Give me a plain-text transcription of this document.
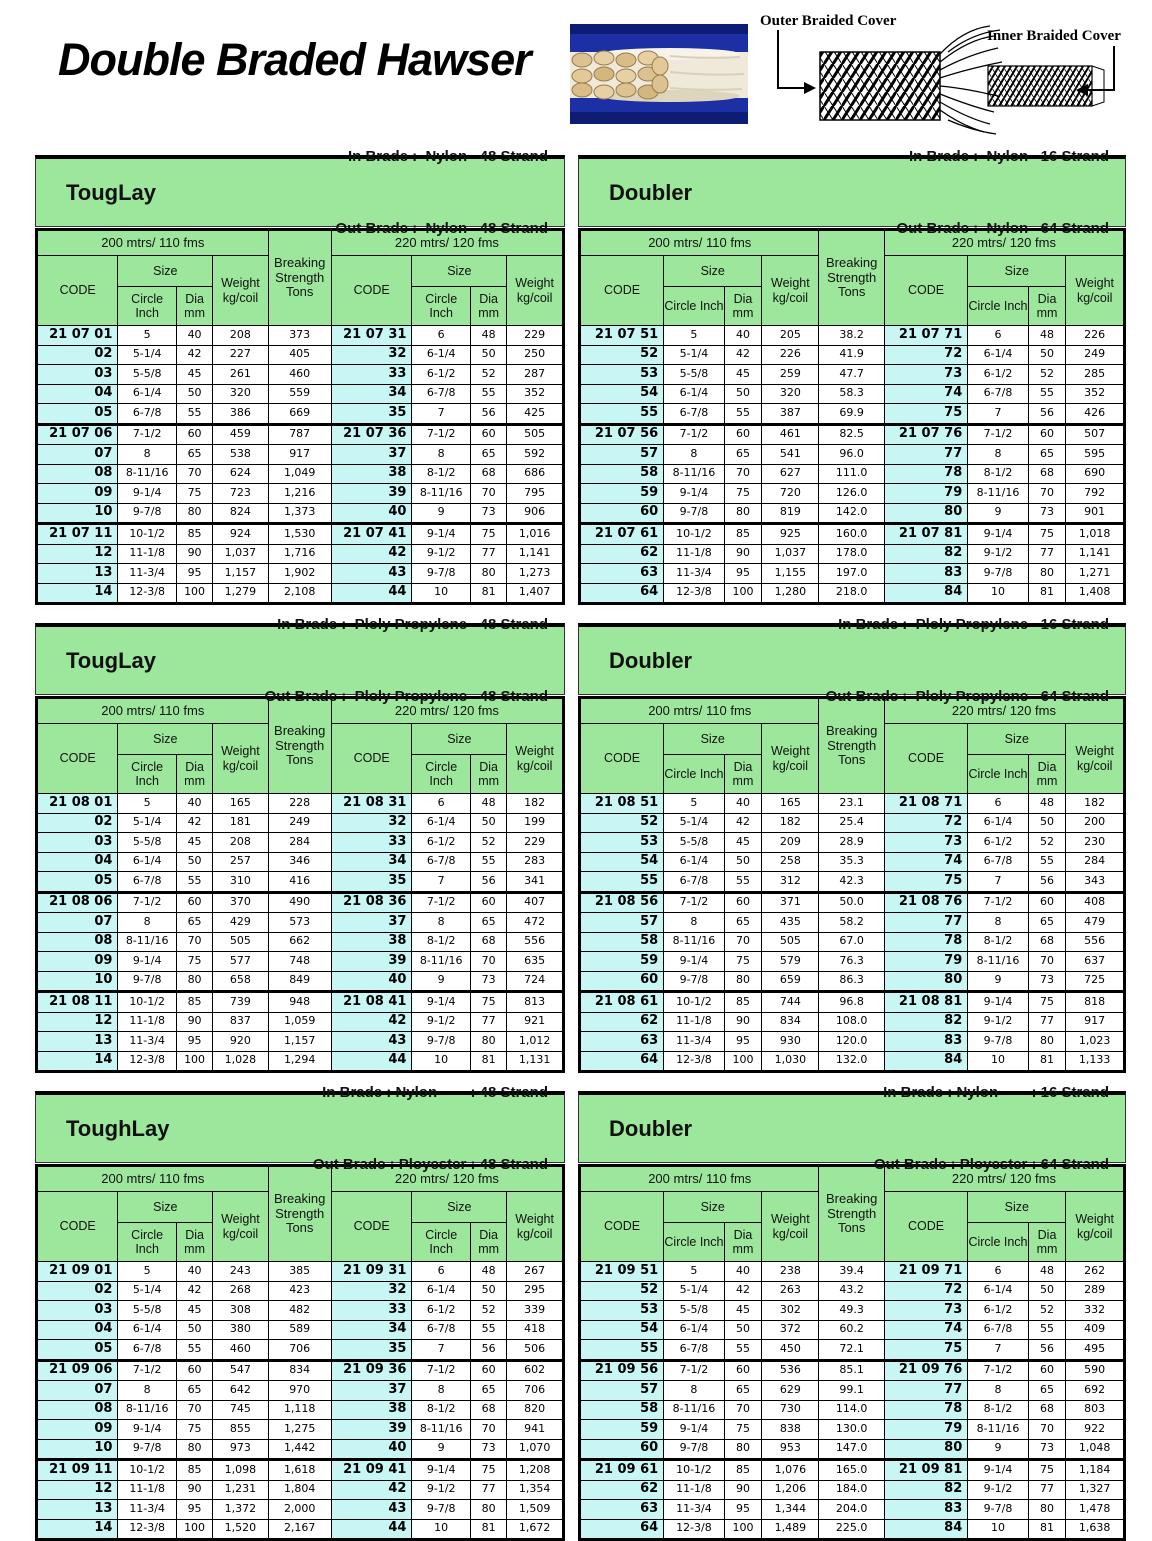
Double Braded Hawser
Outer Braided Cover
Inner Braided Cover
TougLay

In Brade :  Nylon   48 Strand

Out Brade :  Nylon   48 Strand

200 mtrs/ 110 fms				Breaking Strength Tons	220 mtrs/ 120 fms			
CODE	Size		Weight kg/coil		CODE	Size		Weight kg/coil
	Circle Inch	Dia mm				Circle Inch	Dia mm	
21 07 01	5	40	208	373	21 07 31	6	48	229
02	5-1/4	42	227	405	32	6-1/4	50	250
03	5-5/8	45	261	460	33	6-1/2	52	287
04	6-1/4	50	320	559	34	6-7/8	55	352
05	6-7/8	55	386	669	35	7	56	425
21 07 06	7-1/2	60	459	787	21 07 36	7-1/2	60	505
07	8	65	538	917	37	8	65	592
08	8-11/16	70	624	1,049	38	8-1/2	68	686
09	9-1/4	75	723	1,216	39	8-11/16	70	795
10	9-7/8	80	824	1,373	40	9	73	906
21 07 11	10-1/2	85	924	1,530	21 07 41	9-1/4	75	1,016
12	11-1/8	90	1,037	1,716	42	9-1/2	77	1,141
13	11-3/4	95	1,157	1,902	43	9-7/8	80	1,273
14	12-3/8	100	1,279	2,108	44	10	81	1,407
Doubler

In Brade :  Nylon   16 Strand

Out Brade :  Nylon   64 Strand

200 mtrs/ 110 fms				Breaking Strength Tons	220 mtrs/ 120 fms			
CODE	Size		Weight kg/coil		CODE	Size		Weight kg/coil
	Circle Inch	Dia mm				Circle Inch	Dia mm	
21 07 51	5	40	205	38.2	21 07 71	6	48	226
52	5-1/4	42	226	41.9	72	6-1/4	50	249
53	5-5/8	45	259	47.7	73	6-1/2	52	285
54	6-1/4	50	320	58.3	74	6-7/8	55	352
55	6-7/8	55	387	69.9	75	7	56	426
21 07 56	7-1/2	60	461	82.5	21 07 76	7-1/2	60	507
57	8	65	541	96.0	77	8	65	595
58	8-11/16	70	627	111.0	78	8-1/2	68	690
59	9-1/4	75	720	126.0	79	8-11/16	70	792
60	9-7/8	80	819	142.0	80	9	73	901
21 07 61	10-1/2	85	925	160.0	21 07 81	9-1/4	75	1,018
62	11-1/8	90	1,037	178.0	82	9-1/2	77	1,141
63	11-3/4	95	1,155	197.0	83	9-7/8	80	1,271
64	12-3/8	100	1,280	218.0	84	10	81	1,408
TougLay

In Brade :  Ploly Propylene   48 Strand

Out Brade :  Ploly Propylene   48 Strand

200 mtrs/ 110 fms				Breaking Strength Tons	220 mtrs/ 120 fms			
CODE	Size		Weight kg/coil		CODE	Size		Weight kg/coil
	Circle Inch	Dia mm				Circle Inch	Dia mm	
21 08 01	5	40	165	228	21 08 31	6	48	182
02	5-1/4	42	181	249	32	6-1/4	50	199
03	5-5/8	45	208	284	33	6-1/2	52	229
04	6-1/4	50	257	346	34	6-7/8	55	283
05	6-7/8	55	310	416	35	7	56	341
21 08 06	7-1/2	60	370	490	21 08 36	7-1/2	60	407
07	8	65	429	573	37	8	65	472
08	8-11/16	70	505	662	38	8-1/2	68	556
09	9-1/4	75	577	748	39	8-11/16	70	635
10	9-7/8	80	658	849	40	9	73	724
21 08 11	10-1/2	85	739	948	21 08 41	9-1/4	75	813
12	11-1/8	90	837	1,059	42	9-1/2	77	921
13	11-3/4	95	920	1,157	43	9-7/8	80	1,012
14	12-3/8	100	1,028	1,294	44	10	81	1,131
Doubler

In Brade :  Ploly Propylene   16 Strand

Out Brade :  Ploly Propylene   64 Strand

200 mtrs/ 110 fms				Breaking Strength Tons	220 mtrs/ 120 fms			
CODE	Size		Weight kg/coil		CODE	Size		Weight kg/coil
	Circle Inch	Dia mm				Circle Inch	Dia mm	
21 08 51	5	40	165	23.1	21 08 71	6	48	182
52	5-1/4	42	182	25.4	72	6-1/4	50	200
53	5-5/8	45	209	28.9	73	6-1/2	52	230
54	6-1/4	50	258	35.3	74	6-7/8	55	284
55	6-7/8	55	312	42.3	75	7	56	343
21 08 56	7-1/2	60	371	50.0	21 08 76	7-1/2	60	408
57	8	65	435	58.2	77	8	65	479
58	8-11/16	70	505	67.0	78	8-1/2	68	556
59	9-1/4	75	579	76.3	79	8-11/16	70	637
60	9-7/8	80	659	86.3	80	9	73	725
21 08 61	10-1/2	85	744	96.8	21 08 81	9-1/4	75	818
62	11-1/8	90	834	108.0	82	9-1/2	77	917
63	11-3/4	95	930	120.0	83	9-7/8	80	1,023
64	12-3/8	100	1,030	132.0	84	10	81	1,133
ToughLay

In Brade : Nylon        : 48 Strand

Out Brade : Ployester : 48 Strand

200 mtrs/ 110 fms				Breaking Strength Tons	220 mtrs/ 120 fms			
CODE	Size		Weight kg/coil		CODE	Size		Weight kg/coil
	Circle Inch	Dia mm				Circle Inch	Dia mm	
21 09 01	5	40	243	385	21 09 31	6	48	267
02	5-1/4	42	268	423	32	6-1/4	50	295
03	5-5/8	45	308	482	33	6-1/2	52	339
04	6-1/4	50	380	589	34	6-7/8	55	418
05	6-7/8	55	460	706	35	7	56	506
21 09 06	7-1/2	60	547	834	21 09 36	7-1/2	60	602
07	8	65	642	970	37	8	65	706
08	8-11/16	70	745	1,118	38	8-1/2	68	820
09	9-1/4	75	855	1,275	39	8-11/16	70	941
10	9-7/8	80	973	1,442	40	9	73	1,070
21 09 11	10-1/2	85	1,098	1,618	21 09 41	9-1/4	75	1,208
12	11-1/8	90	1,231	1,804	42	9-1/2	77	1,354
13	11-3/4	95	1,372	2,000	43	9-7/8	80	1,509
14	12-3/8	100	1,520	2,167	44	10	81	1,672
Doubler

In Brade : Nylon        : 16 Strand

Out Brade : Ployester : 64 Strand

200 mtrs/ 110 fms				Breaking Strength Tons	220 mtrs/ 120 fms			
CODE	Size		Weight kg/coil		CODE	Size		Weight kg/coil
	Circle Inch	Dia mm				Circle Inch	Dia mm	
21 09 51	5	40	238	39.4	21 09 71	6	48	262
52	5-1/4	42	263	43.2	72	6-1/4	50	289
53	5-5/8	45	302	49.3	73	6-1/2	52	332
54	6-1/4	50	372	60.2	74	6-7/8	55	409
55	6-7/8	55	450	72.1	75	7	56	495
21 09 56	7-1/2	60	536	85.1	21 09 76	7-1/2	60	590
57	8	65	629	99.1	77	8	65	692
58	8-11/16	70	730	114.0	78	8-1/2	68	803
59	9-1/4	75	838	130.0	79	8-11/16	70	922
60	9-7/8	80	953	147.0	80	9	73	1,048
21 09 61	10-1/2	85	1,076	165.0	21 09 81	9-1/4	75	1,184
62	11-1/8	90	1,206	184.0	82	9-1/2	77	1,327
63	11-3/4	95	1,344	204.0	83	9-7/8	80	1,478
64	12-3/8	100	1,489	225.0	84	10	81	1,638
